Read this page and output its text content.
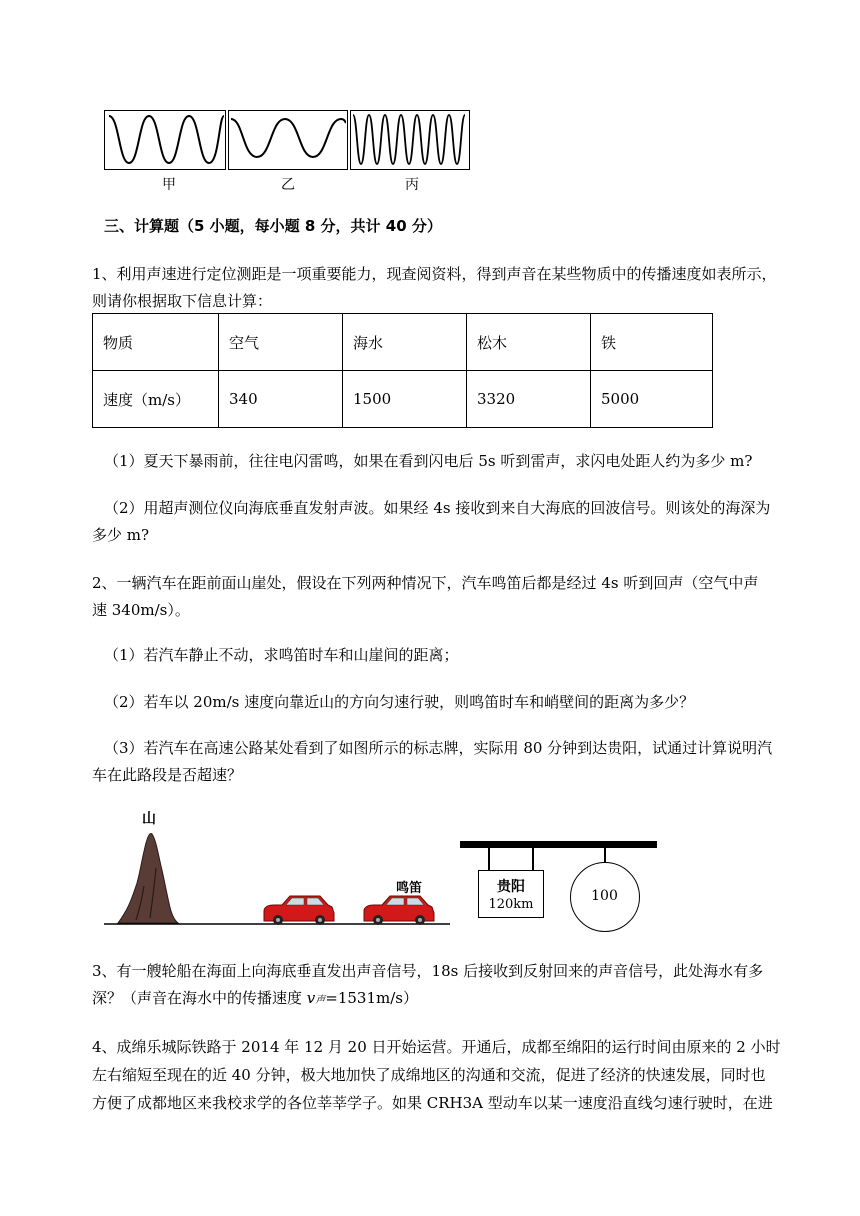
甲	乙	丙
三、计算题（5 小题，每小题 8 分，共计 40 分）
1、利用声速进行定位测距是一项重要能力，现查阅资料，得到声音在某些物质中的传播速度如表所示，
则请你根据取下信息计算：
物质	空气	海水	松木	铁
速度（m/s）	340	1500	3320	5000
（1）夏天下暴雨前，往往电闪雷鸣，如果在看到闪电后 5s 听到雷声，求闪电处距人约为多少 m?
（2）用超声测位仪向海底垂直发射声波。如果经 4s 接收到来自大海底的回波信号。则该处的海深为
多少 m?
2、一辆汽车在距前面山崖处，假设在下列两种情况下，汽车鸣笛后都是经过 4s 听到回声（空气中声
速 340m/s）。
（1）若汽车静止不动，求鸣笛时车和山崖间的距离；
（2）若车以 20m/s 速度向靠近山的方向匀速行驶，则鸣笛时车和峭壁间的距离为多少？
（3）若汽车在高速公路某处看到了如图所示的标志牌，实际用 80 分钟到达贵阳，试通过计算说明汽
车在此路段是否超速？
山
鸣笛	贵阳
120km
100
3、有一艘轮船在海面上向海底垂直发出声音信号，18s 后接收到反射回来的声音信号，此处海水有多
深？（声音在海水中的传播速度 v声=1531m/s）
4、成绵乐城际铁路于 2014 年 12 月 20 日开始运营。开通后，成都至绵阳的运行时间由原来的 2 小时
左右缩短至现在的近 40 分钟，极大地加快了成绵地区的沟通和交流，促进了经济的快速发展，同时也
方便了成都地区来我校求学的各位莘莘学子。如果 CRH3A 型动车以某一速度沿直线匀速行驶时，在进
